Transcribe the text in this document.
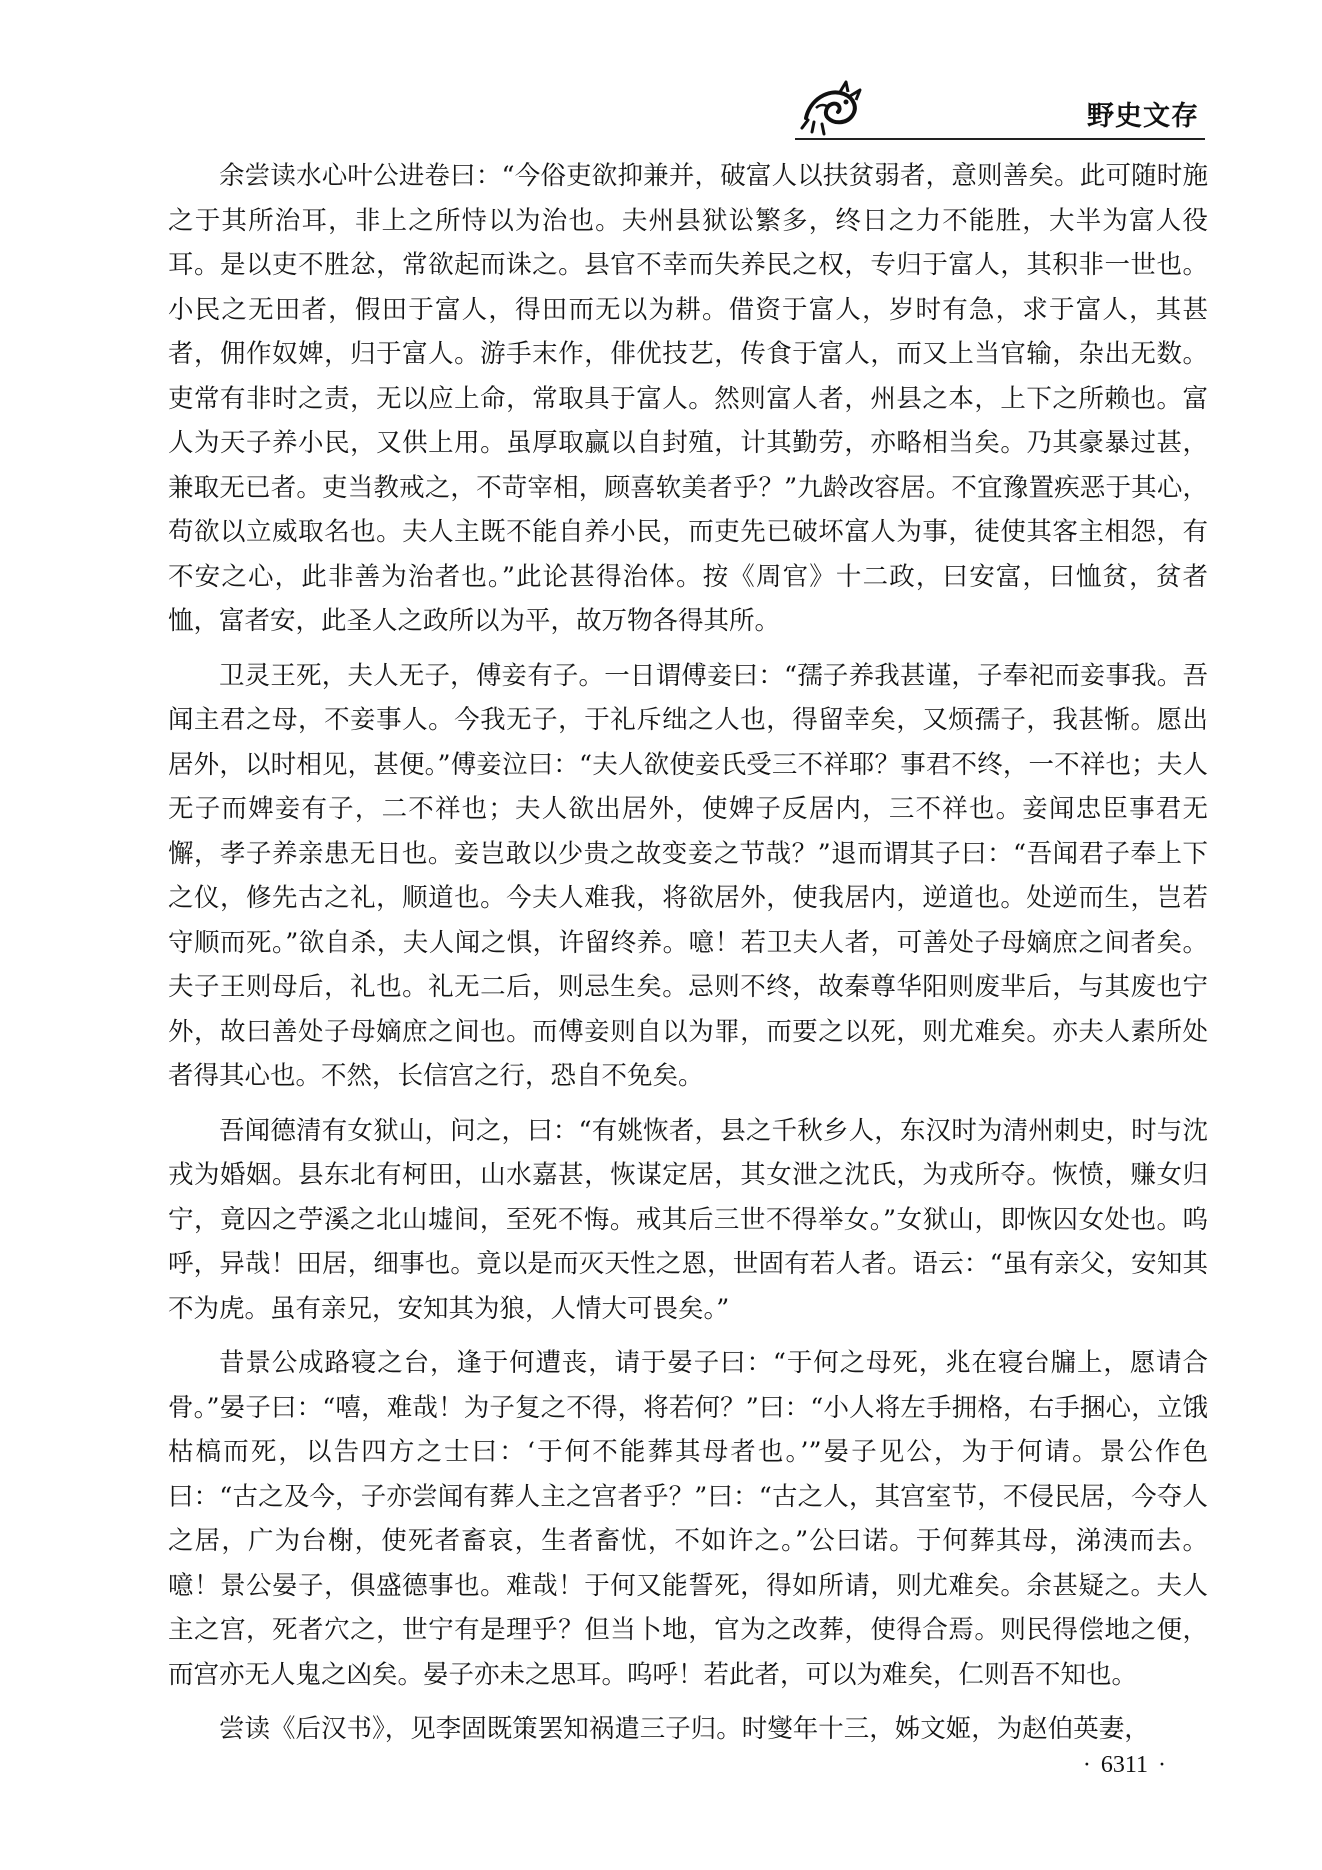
野史文存

余尝读水心叶公进卷曰：“今俗吏欲抑兼并，破富人以扶贫弱者，意则善矣。此可随时施之于其所治耳，非上之所恃以为治也。夫州县狱讼繁多，终日之力不能胜，大半为富人役耳。是以吏不胜忿，常欲起而诛之。县官不幸而失养民之权，专归于富人，其积非一世也。小民之无田者，假田于富人，得田而无以为耕。借资于富人，岁时有急，求于富人，其甚者，佣作奴婢，归于富人。游手末作，俳优技艺，传食于富人，而又上当官输，杂出无数。吏常有非时之责，无以应上命，常取具于富人。然则富人者，州县之本，上下之所赖也。富人为天子养小民，又供上用。虽厚取赢以自封殖，计其勤劳，亦略相当矣。乃其豪暴过甚，兼取无已者。吏当教戒之，不苛宰相，顾喜软美者乎？”九龄改容居。不宜豫置疾恶于其心，苟欲以立威取名也。夫人主既不能自养小民，而吏先已破坏富人为事，徒使其客主相怨，有不安之心，此非善为治者也。”此论甚得治体。按《周官》十二政，曰安富，曰恤贫，贫者恤，富者安，此圣人之政所以为平，故万物各得其所。

卫灵王死，夫人无子，傅妾有子。一日谓傅妾曰：“孺子养我甚谨，子奉祀而妾事我。吾闻主君之母，不妾事人。今我无子，于礼斥绌之人也，得留幸矣，又烦孺子，我甚惭。愿出居外，以时相见，甚便。”傅妾泣曰：“夫人欲使妾氏受三不祥耶？事君不终，一不祥也；夫人无子而婢妾有子，二不祥也；夫人欲出居外，使婢子反居内，三不祥也。妾闻忠臣事君无懈，孝子养亲患无日也。妾岂敢以少贵之故变妾之节哉？”退而谓其子曰：“吾闻君子奉上下之仪，修先古之礼，顺道也。今夫人难我，将欲居外，使我居内，逆道也。处逆而生，岂若守顺而死。”欲自杀，夫人闻之惧，许留终养。噫！若卫夫人者，可善处子母嫡庶之间者矣。夫子王则母后，礼也。礼无二后，则忌生矣。忌则不终，故秦尊华阳则废芈后，与其废也宁外，故曰善处子母嫡庶之间也。而傅妾则自以为罪，而要之以死，则尤难矣。亦夫人素所处者得其心也。不然，长信宫之行，恐自不免矣。

吾闻德清有女狱山，问之，曰：“有姚恢者，县之千秋乡人，东汉时为清州刺史，时与沈戎为婚姻。县东北有柯田，山水嘉甚，恢谋定居，其女泄之沈氏，为戎所夺。恢愤，赚女归宁，竟囚之苧溪之北山墟间，至死不悔。戒其后三世不得举女。”女狱山，即恢囚女处也。呜呼，异哉！田居，细事也。竟以是而灭天性之恩，世固有若人者。语云：“虽有亲父，安知其不为虎。虽有亲兄，安知其为狼，人情大可畏矣。”

昔景公成路寝之台，逢于何遭丧，请于晏子曰：“于何之母死，兆在寝台牖上，愿请合骨。”晏子曰：“嘻，难哉！为子复之不得，将若何？”曰：“小人将左手拥格，右手捆心，立饿枯槁而死，以告四方之士曰：‘于何不能葬其母者也。’”晏子见公，为于何请。景公作色曰：“古之及今，子亦尝闻有葬人主之宫者乎？”曰：“古之人，其宫室节，不侵民居，今夺人之居，广为台榭，使死者畜哀，生者畜忧，不如许之。”公曰诺。于何葬其母，涕洟而去。噫！景公晏子，俱盛德事也。难哉！于何又能誓死，得如所请，则尤难矣。余甚疑之。夫人主之宫，死者穴之，世宁有是理乎？但当卜地，官为之改葬，使得合焉。则民得偿地之便，而宫亦无人鬼之凶矣。晏子亦未之思耳。呜呼！若此者，可以为难矣，仁则吾不知也。

尝读《后汉书》，见李固既策罢知祸遣三子归。时燮年十三，姊文姬，为赵伯英妻，

· 6311 ·
